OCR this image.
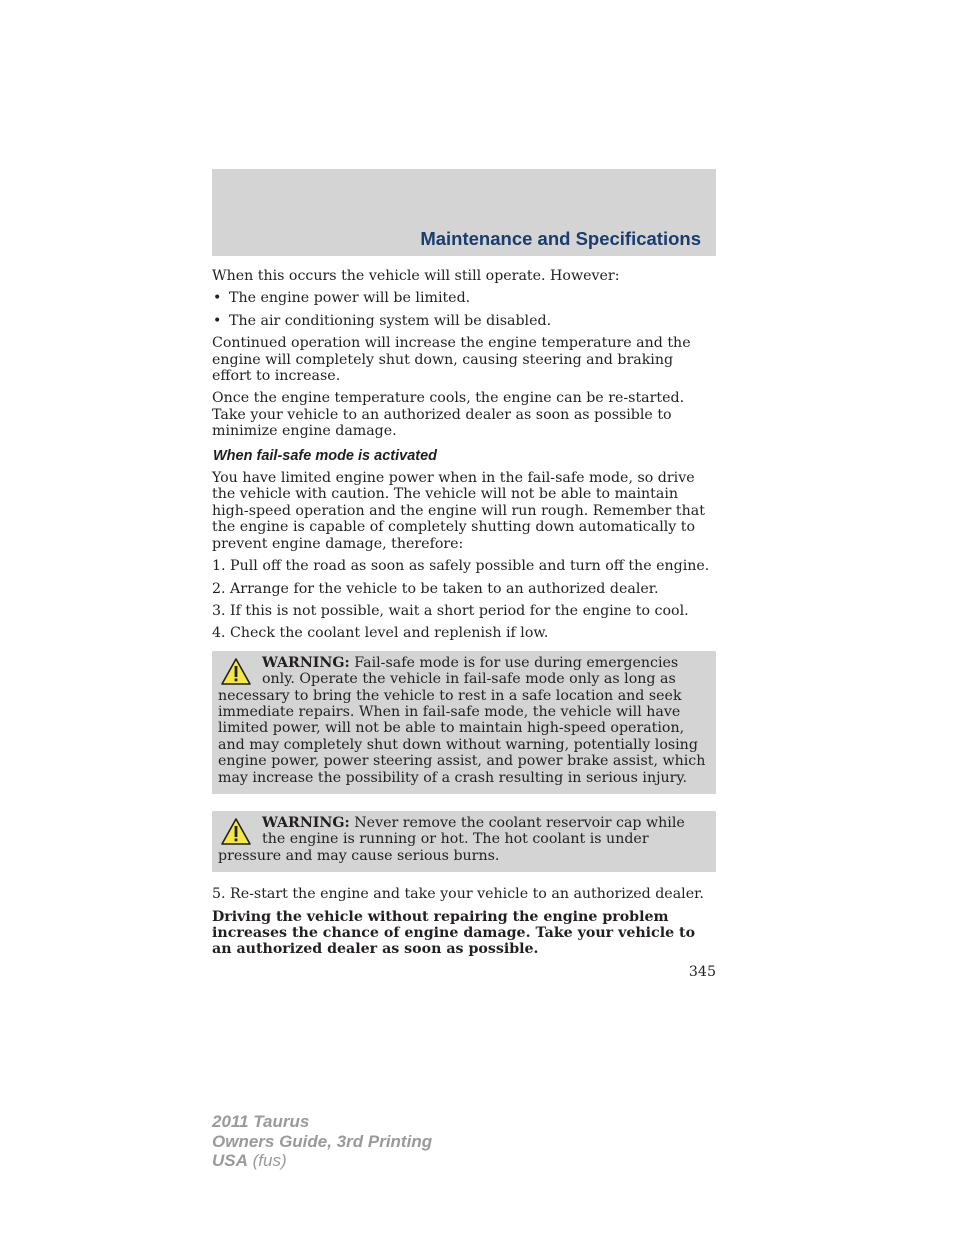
Maintenance and Specifications

When this occurs the vehicle will still operate. However:

• The engine power will be limited.
• The air conditioning system will be disabled.

Continued operation will increase the engine temperature and the engine will completely shut down, causing steering and braking effort to increase.

Once the engine temperature cools, the engine can be re-started. Take your vehicle to an authorized dealer as soon as possible to minimize engine damage.

When fail-safe mode is activated

You have limited engine power when in the fail-safe mode, so drive the vehicle with caution. The vehicle will not be able to maintain high-speed operation and the engine will run rough. Remember that the engine is capable of completely shutting down automatically to prevent engine damage, therefore:

1. Pull off the road as soon as safely possible and turn off the engine.
2. Arrange for the vehicle to be taken to an authorized dealer.
3. If this is not possible, wait a short period for the engine to cool.
4. Check the coolant level and replenish if low.
WARNING: Fail-safe mode is for use during emergencies only. Operate the vehicle in fail-safe mode only as long as necessary to bring the vehicle to rest in a safe location and seek immediate repairs. When in fail-safe mode, the vehicle will have limited power, will not be able to maintain high-speed operation, and may completely shut down without warning, potentially losing engine power, power steering assist, and power brake assist, which may increase the possibility of a crash resulting in serious injury.
WARNING: Never remove the coolant reservoir cap while the engine is running or hot. The hot coolant is under pressure and may cause serious burns.
5. Re-start the engine and take your vehicle to an authorized dealer.

Driving the vehicle without repairing the engine problem increases the chance of engine damage. Take your vehicle to an authorized dealer as soon as possible.

345
2011 Taurus
Owners Guide, 3rd Printing
USA (fus)
